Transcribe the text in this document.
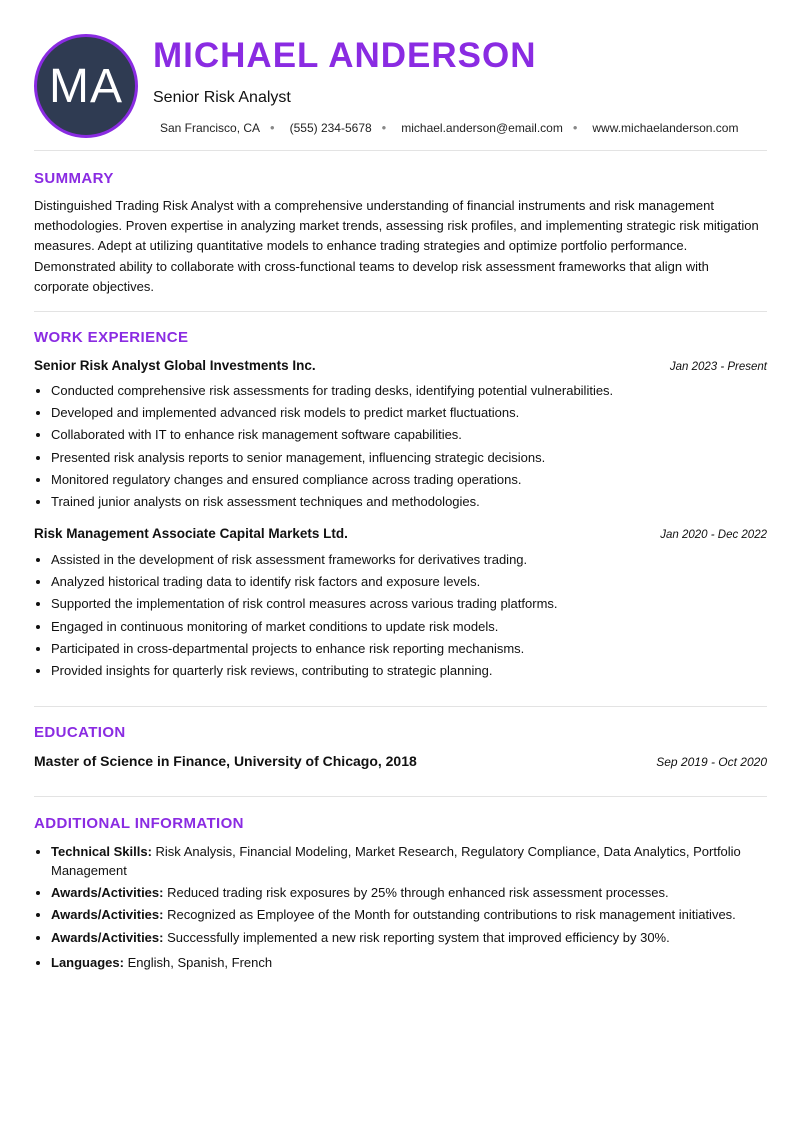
MA
MICHAEL ANDERSON
Senior Risk Analyst
San Francisco, CA • (555) 234-5678 • michael.anderson@email.com • www.michaelanderson.com
SUMMARY

Distinguished Trading Risk Analyst with a comprehensive understanding of financial instruments and risk management methodologies. Proven expertise in analyzing market trends, assessing risk profiles, and implementing strategic risk mitigation measures. Adept at utilizing quantitative models to enhance trading strategies and optimize portfolio performance. Demonstrated ability to collaborate with cross-functional teams to develop risk assessment frameworks that align with corporate objectives.

WORK EXPERIENCE
Senior Risk Analyst Global Investments Inc.	Jan 2023 - Present
• Conducted comprehensive risk assessments for trading desks, identifying potential vulnerabilities.
• Developed and implemented advanced risk models to predict market fluctuations.
• Collaborated with IT to enhance risk management software capabilities.
• Presented risk analysis reports to senior management, influencing strategic decisions.
• Monitored regulatory changes and ensured compliance across trading operations.
• Trained junior analysts on risk assessment techniques and methodologies.
Risk Management Associate Capital Markets Ltd.	Jan 2020 - Dec 2022
• Assisted in the development of risk assessment frameworks for derivatives trading.
• Analyzed historical trading data to identify risk factors and exposure levels.
• Supported the implementation of risk control measures across various trading platforms.
• Engaged in continuous monitoring of market conditions to update risk models.
• Participated in cross-departmental projects to enhance risk reporting mechanisms.
• Provided insights for quarterly risk reviews, contributing to strategic planning.
EDUCATION
Master of Science in Finance, University of Chicago, 2018	Sep 2019 - Oct 2020
ADDITIONAL INFORMATION
• Technical Skills: Risk Analysis, Financial Modeling, Market Research, Regulatory Compliance, Data Analytics, Portfolio Management
• Awards/Activities: Reduced trading risk exposures by 25% through enhanced risk assessment processes.
• Awards/Activities: Recognized as Employee of the Month for outstanding contributions to risk management initiatives.
• Awards/Activities: Successfully implemented a new risk reporting system that improved efficiency by 30%.
• Languages: English, Spanish, French
